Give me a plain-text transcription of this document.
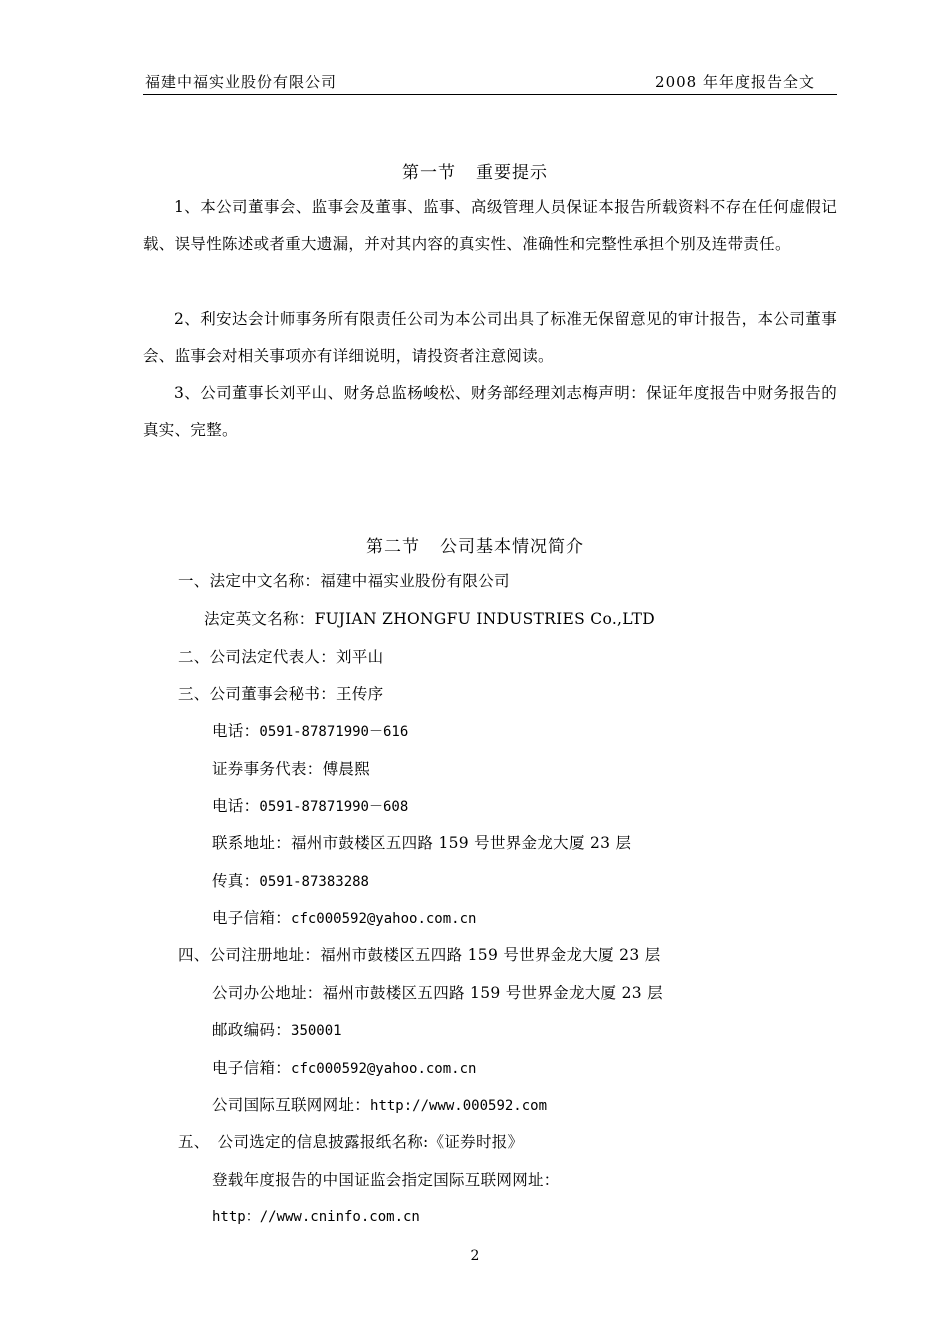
福建中福实业股份有限公司	2008 年年度报告全文
第一节 重要提示
1、本公司董事会、监事会及董事、监事、高级管理人员保证本报告所载资料不存在任何虚假记载、误导性陈述或者重大遗漏，并对其内容的真实性、准确性和完整性承担个别及连带责任。
2、利安达会计师事务所有限责任公司为本公司出具了标准无保留意见的审计报告，本公司董事会、监事会对相关事项亦有详细说明，请投资者注意阅读。
3、公司董事长刘平山、财务总监杨峻松、财务部经理刘志梅声明：保证年度报告中财务报告的真实、完整。
第二节 公司基本情况简介
一、法定中文名称：福建中福实业股份有限公司
法定英文名称：FUJIAN ZHONGFU INDUSTRIES Co.,LTD
二、公司法定代表人：刘平山
三、公司董事会秘书：王传序
电话：0591-87871990－616
证券事务代表：傅晨熙
电话：0591-87871990－608
联系地址：福州市鼓楼区五四路 159 号世界金龙大厦 23 层
传真：0591-87383288
电子信箱：cfc000592@yahoo.com.cn
四、公司注册地址：福州市鼓楼区五四路 159 号世界金龙大厦 23 层
公司办公地址：福州市鼓楼区五四路 159 号世界金龙大厦 23 层
邮政编码：350001
电子信箱：cfc000592@yahoo.com.cn
公司国际互联网网址：http://www.000592.com
五、　公司选定的信息披露报纸名称:《证券时报》
登载年度报告的中国证监会指定国际互联网网址：
http：//www.cninfo.com.cn
2
